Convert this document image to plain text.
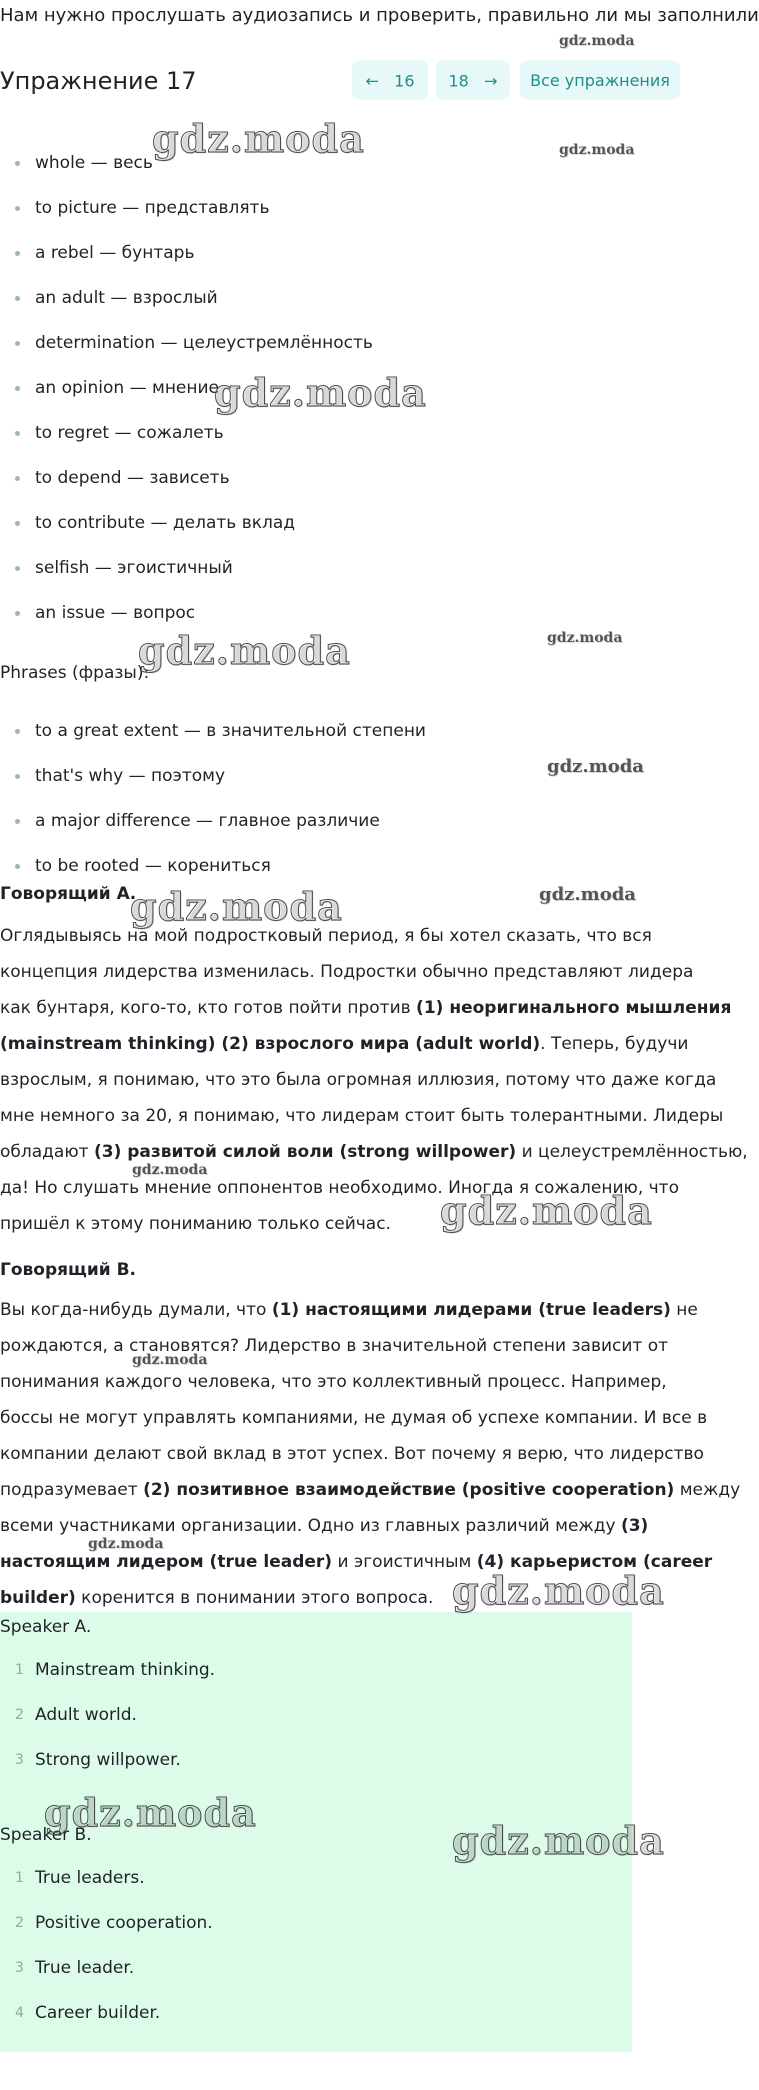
Нам нужно прослушать аудиозапись и проверить, правильно ли мы заполнили
Упражнение 17	← 16	18 →	Все упражнения
whole — весь
to picture — представлять
a rebel — бунтарь
an adult — взрослый
determination — целеустремлённость
an opinion — мнение
to regret — сожалеть
to depend — зависеть
to contribute — делать вклад
selfish — эгоистичный
an issue — вопрос
Phrases (фразы):
to a great extent — в значительной степени
that's why — поэтому
a major difference — главное различие
to be rooted — корениться
Говорящий А.
Оглядывыясь на мой подростковый период, я бы хотел сказать, что вся
концепция лидерства изменилась. Подростки обычно представляют лидера
как бунтаря, кого-то, кто готов пойти против (1) неоригинального мышления
(mainstream thinking) (2) взрослого мира (adult world). Теперь, будучи
взрослым, я понимаю, что это была огромная иллюзия, потому что даже когда
мне немного за 20, я понимаю, что лидерам стоит быть толерантными. Лидеры
обладают (3) развитой силой воли (strong willpower) и целеустремлённостью,
да! Но слушать мнение оппонентов необходимо. Иногда я сожалению, что
пришёл к этому пониманию только сейчас.
Говорящий В.
Вы когда-нибудь думали, что (1) настоящими лидерами (true leaders) не
рождаются, а становятся? Лидерство в значительной степени зависит от
понимания каждого человека, что это коллективный процесс. Например,
боссы не могут управлять компаниями, не думая об успехе компании. И все в
компании делают свой вклад в этот успех. Вот почему я верю, что лидерство
подразумевает (2) позитивное взаимодействие (positive cooperation) между
всеми участниками организации. Одно из главных различий между (3)
настоящим лидером (true leader) и эгоистичным (4) карьеристом (career
builder) коренится в понимании этого вопроса.
Speaker A.
1 Mainstream thinking.
2 Adult world.
3 Strong willpower.
Speaker B.
1 True leaders.
2 Positive cooperation.
3 True leader.
4 Career builder.
gdz.moda
gdz.moda
gdz.moda
gdz.moda
gdz.moda	gdz.moda
gdz.moda
gdz.moda
gdz.moda
gdz.moda
gdz.moda
gdz.moda
gdz.moda
gdz.moda
